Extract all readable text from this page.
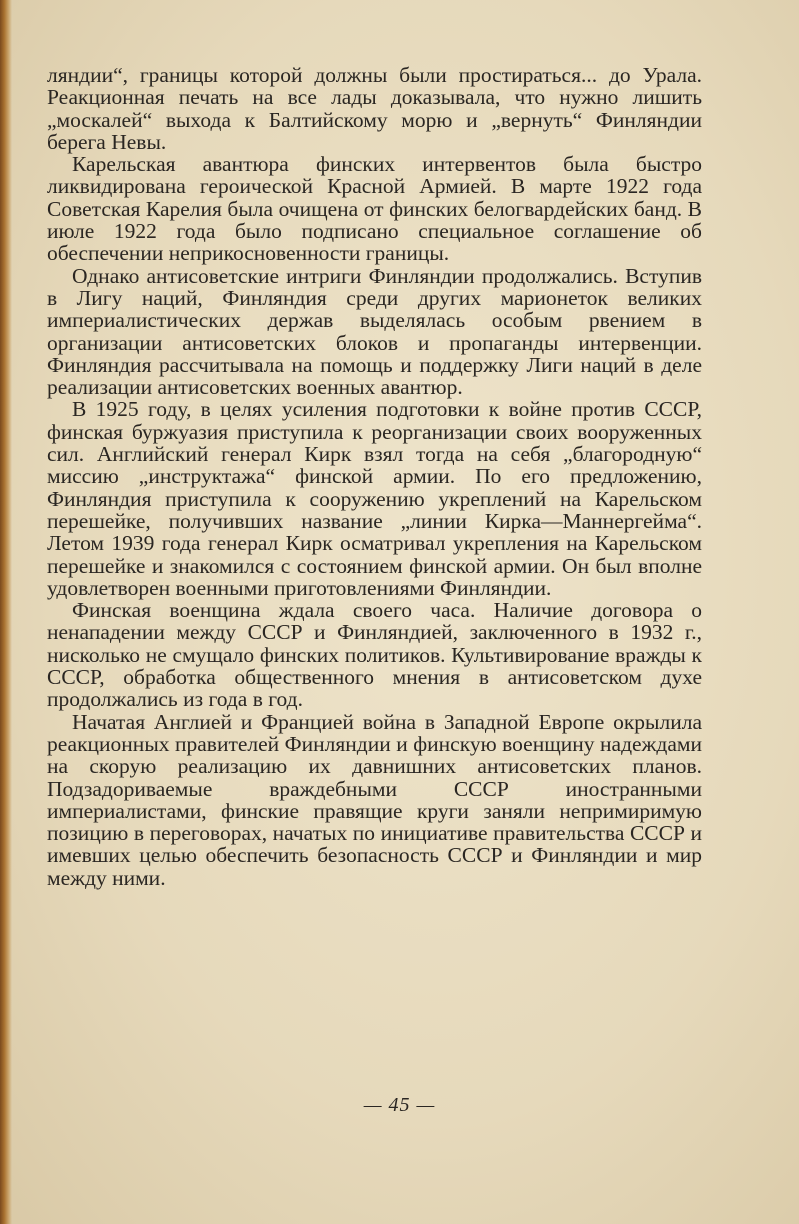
ляндии“, границы которой должны были простираться... до Урала. Реакционная печать на все лады доказывала, что нужно лишить „москалей“ выхода к Балтийскому морю и „вернуть“ Финляндии берега Невы.

Карельская авантюра финских интервентов была быстро ликвидирована героической Красной Армией. В марте 1922 года Советская Карелия была очищена от финских белогвардейских банд. В июле 1922 года было подписано специальное соглашение об обеспечении неприкосновенности границы.

Однако антисоветские интриги Финляндии продолжались. Вступив в Лигу наций, Финляндия среди других марионеток великих империалистических держав выделялась особым рвением в организации антисоветских блоков и пропаганды интервенции. Финляндия рассчитывала на помощь и поддержку Лиги наций в деле реализации антисоветских военных авантюр.

В 1925 году, в целях усиления подготовки к войне против СССР, финская буржуазия приступила к реорганизации своих вооруженных сил. Английский генерал Кирк взял тогда на себя „благородную“ миссию „инструктажа“ финской армии. По его предложению, Финляндия приступила к сооружению укреплений на Карельском перешейке, получивших название „линии Кирка—Маннергейма“. Летом 1939 года генерал Кирк осматривал укрепления на Карельском перешейке и знакомился с состоянием финской армии. Он был вполне удовлетворен военными приготовлениями Финляндии.

Финская военщина ждала своего часа. Наличие договора о ненападении между СССР и Финляндией, заключенного в 1932 г., нисколько не смущало финских политиков. Культивирование вражды к СССР, обработка общественного мнения в антисоветском духе продолжались из года в год.

Начатая Англией и Францией война в Западной Европе окрылила реакционных правителей Финляндии и финскую военщину надеждами на скорую реализацию их давнишних антисоветских планов. Подзадориваемые враждебными СССР иностранными империалистами, финские правящие круги заняли непримиримую позицию в переговорах, начатых по инициативе правительства СССР и имевших целью обеспечить безопасность СССР и Финляндии и мир между ними.

— 45 —
